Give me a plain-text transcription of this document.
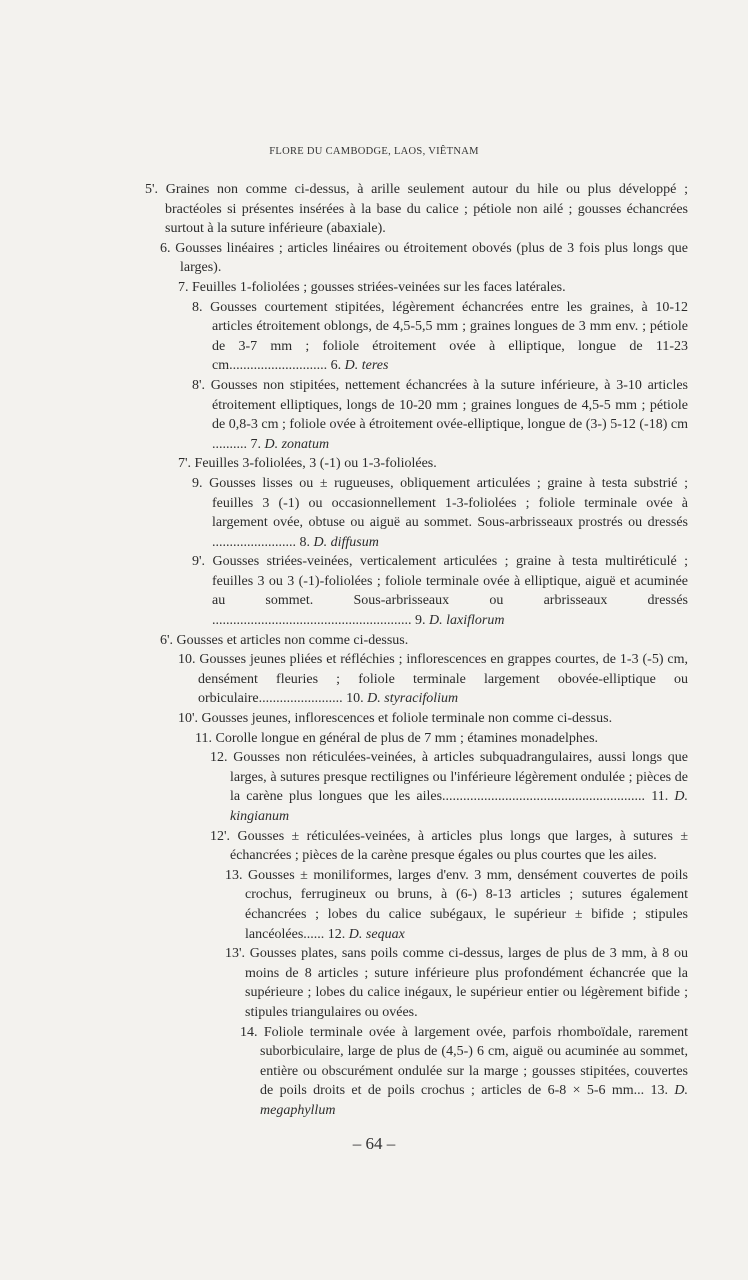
FLORE DU CAMBODGE, LAOS, VIÊTNAM
5'. Graines non comme ci-dessus, à arille seulement autour du hile ou plus développé ; bractéoles si présentes insérées à la base du calice ; pétiole non ailé ; gousses échancrées surtout à la suture inférieure (abaxiale).
6. Gousses linéaires ; articles linéaires ou étroitement obovés (plus de 3 fois plus longs que larges).
7. Feuilles 1-foliolées ; gousses striées-veinées sur les faces latérales.
8. Gousses courtement stipitées, légèrement échancrées entre les graines, à 10-12 articles étroitement oblongs, de 4,5-5,5 mm ; graines longues de 3 mm env. ; pétiole de 3-7 mm ; foliole étroitement ovée à elliptique, longue de 11-23 cm............................ 6. D. teres
8'. Gousses non stipitées, nettement échancrées à la suture inférieure, à 3-10 articles étroitement elliptiques, longs de 10-20 mm ; graines longues de 4,5-5 mm ; pétiole de 0,8-3 cm ; foliole ovée à étroitement ovée-elliptique, longue de (3-) 5-12 (-18) cm .......... 7. D. zonatum
7'. Feuilles 3-foliolées, 3 (-1) ou 1-3-foliolées.
9. Gousses lisses ou ± rugueuses, obliquement articulées ; graine à testa substrié ; feuilles 3 (-1) ou occasionnellement 1-3-foliolées ; foliole terminale ovée à largement ovée, obtuse ou aiguë au sommet. Sous-arbrisseaux prostrés ou dressés ........................ 8. D. diffusum
9'. Gousses striées-veinées, verticalement articulées ; graine à testa multiréticulé ; feuilles 3 ou 3 (-1)-foliolées ; foliole terminale ovée à elliptique, aiguë et acuminée au sommet. Sous-arbrisseaux ou arbrisseaux dressés ......................................................... 9. D. laxiflorum
6'. Gousses et articles non comme ci-dessus.
10. Gousses jeunes pliées et réfléchies ; inflorescences en grappes courtes, de 1-3 (-5) cm, densément fleuries ; foliole terminale largement obovée-elliptique ou orbiculaire........................ 10. D. styracifolium
10'. Gousses jeunes, inflorescences et foliole terminale non comme ci-dessus.
11. Corolle longue en général de plus de 7 mm ; étamines monadelphes.
12. Gousses non réticulées-veinées, à articles subquadrangulaires, aussi longs que larges, à sutures presque rectilignes ou l'inférieure légèrement ondulée ; pièces de la carène plus longues que les ailes.......................................................... 11. D. kingianum
12'. Gousses ± réticulées-veinées, à articles plus longs que larges, à sutures ± échancrées ; pièces de la carène presque égales ou plus courtes que les ailes.
13. Gousses ± moniliformes, larges d'env. 3 mm, densément couvertes de poils crochus, ferrugineux ou bruns, à (6-) 8-13 articles ; sutures également échancrées ; lobes du calice subégaux, le supérieur ± bifide ; stipules lancéolées...... 12. D. sequax
13'. Gousses plates, sans poils comme ci-dessus, larges de plus de 3 mm, à 8 ou moins de 8 articles ; suture inférieure plus profondément échancrée que la supérieure ; lobes du calice inégaux, le supérieur entier ou légèrement bifide ; stipules triangulaires ou ovées.
14. Foliole terminale ovée à largement ovée, parfois rhomboïdale, rarement suborbiculaire, large de plus de (4,5-) 6 cm, aiguë ou acuminée au sommet, entière ou obscurément ondulée sur la marge ; gousses stipitées, couvertes de poils droits et de poils crochus ; articles de 6-8 × 5-6 mm... 13. D. megaphyllum
– 64 –
